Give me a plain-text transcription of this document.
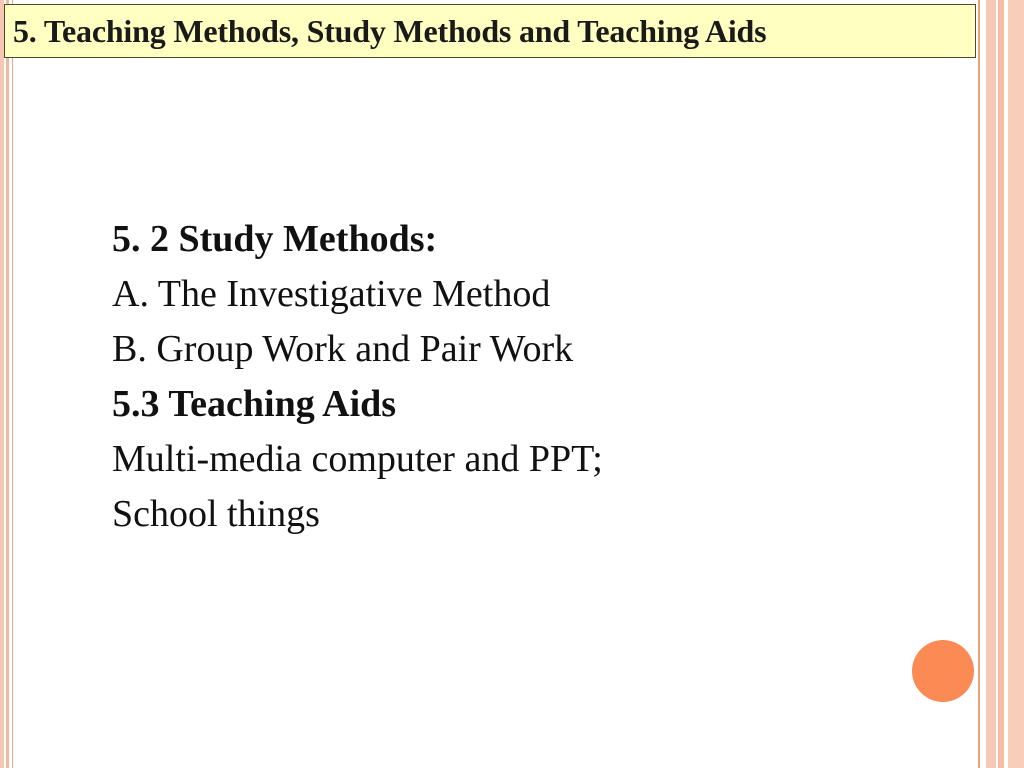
5. Teaching Methods, Study Methods and Teaching Aids
5. 2 Study Methods:
A. The Investigative Method
B. Group Work and Pair Work
5.3 Teaching Aids
Multi-media computer and PPT;
School things
